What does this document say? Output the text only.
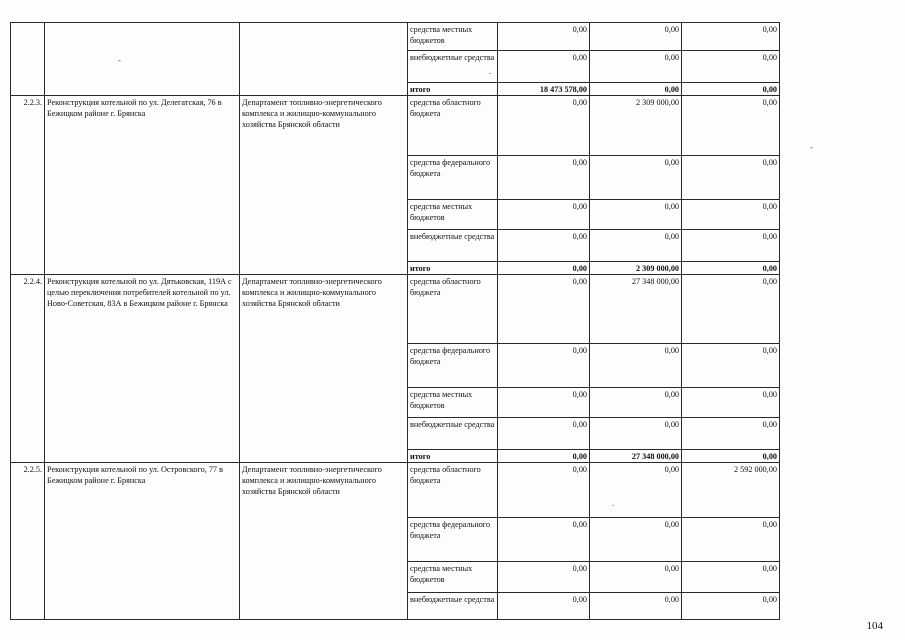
			средства местных бюджетов	0,00	0,00	0,00
			внебюджетные средства	0,00	0,00	0,00
			итого	18 473 578,00	0,00	0,00
2.2.3.	Реконструкция котельной по ул. Делегатская, 76 в Бежицком районе г. Брянска	Департамент топливно-энергетического комплекса и жилищно-коммунального хозяйства Брянской области	средства областного бюджета	0,00	2 309 000,00	0,00
			средства федерального бюджета	0,00	0,00	0,00
			средства местных бюджетов	0,00	0,00	0,00
			внебюджетные средства	0,00	0,00	0,00
			итого	0,00	2 309 000,00	0,00
2.2.4.	Реконструкция котельной по ул. Дятьковская, 119А с целью переключения потребителей котельной по ул. Ново-Советская, 83А в Бежицком районе г. Брянска	Департамент топливно-энергетического комплекса и жилищно-коммунального хозяйства Брянской области	средства областного бюджета	0,00	27 348 000,00	0,00
			средства федерального бюджета	0,00	0,00	0,00
			средства местных бюджетов	0,00	0,00	0,00
			внебюджетные средства	0,00	0,00	0,00
			итого	0,00	27 348 000,00	0,00
2.2.5.	Реконструкция котельной по ул. Островского, 77 в Бежицком районе г. Брянска	Департамент топливно-энергетического комплекса и жилищно-коммунального хозяйства Брянской области	средства областного бюджета	0,00	0,00	2 592 000,00
			средства федерального бюджета	0,00	0,00	0,00
			средства местных бюджетов	0,00	0,00	0,00
			внебюджетные средства	0,00	0,00	0,00
-
.
-
.
104
